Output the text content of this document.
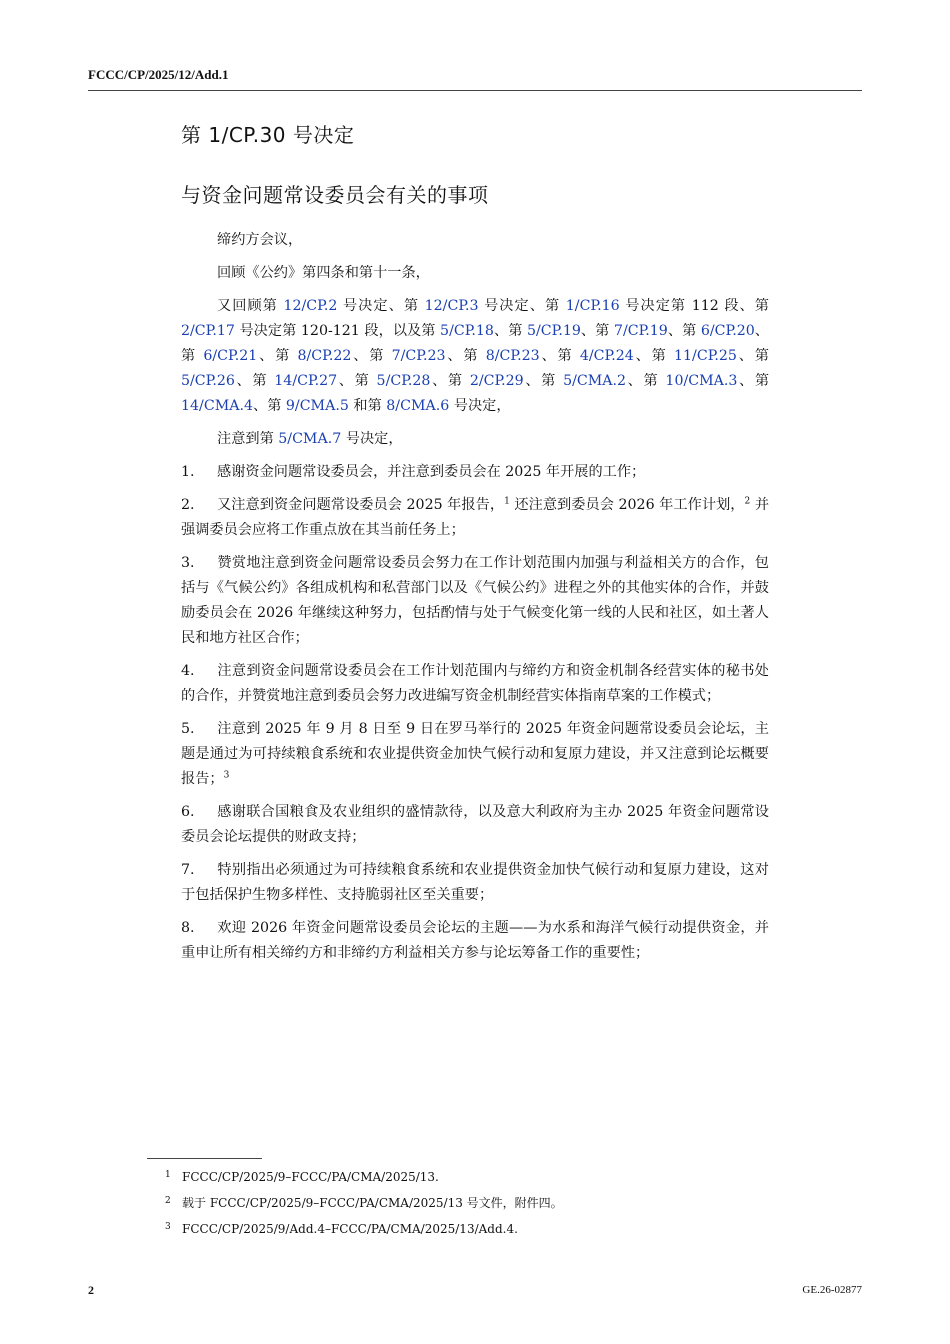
FCCC/CP/2025/12/Add.1
第 1/CP.30 号决定
与资金问题常设委员会有关的事项

缔约方会议，

回顾《公约》第四条和第十一条，

又回顾第 12/CP.2 号决定、第 12/CP.3 号决定、第 1/CP.16 号决定第 112 段、第 2/CP.17 号决定第 120-121 段，以及第 5/CP.18、第 5/CP.19、第 7/CP.19、第 6/CP.20、第 6/CP.21、第 8/CP.22、第 7/CP.23、第 8/CP.23、第 4/CP.24、第 11/CP.25、第 5/CP.26、第 14/CP.27、第 5/CP.28、第 2/CP.29、第 5/CMA.2、第 10/CMA.3、第 14/CMA.4、第 9/CMA.5 和第 8/CMA.6 号决定，

注意到第 5/CMA.7 号决定，

1. 感谢资金问题常设委员会，并注意到委员会在 2025 年开展的工作；

2. 又注意到资金问题常设委员会 2025 年报告，$^1$ 还注意到委员会 2026 年工作计划，$^2$ 并强调委员会应将工作重点放在其当前任务上；

3. 赞赏地注意到资金问题常设委员会努力在工作计划范围内加强与利益相关方的合作，包括与《气候公约》各组成机构和私营部门以及《气候公约》进程之外的其他实体的合作，并鼓励委员会在 2026 年继续这种努力，包括酌情与处于气候变化第一线的人民和社区，如土著人民和地方社区合作；

4. 注意到资金问题常设委员会在工作计划范围内与缔约方和资金机制各经营实体的秘书处的合作，并赞赏地注意到委员会努力改进编写资金机制经营实体指南草案的工作模式；

5. 注意到 2025 年 9 月 8 日至 9 日在罗马举行的 2025 年资金问题常设委员会论坛，主题是通过为可持续粮食系统和农业提供资金加快气候行动和复原力建设，并又注意到论坛概要报告；$^3$

6. 感谢联合国粮食及农业组织的盛情款待，以及意大利政府为主办 2025 年资金问题常设委员会论坛提供的财政支持；

7. 特别指出必须通过为可持续粮食系统和农业提供资金加快气候行动和复原力建设，这对于包括保护生物多样性、支持脆弱社区至关重要；

8. 欢迎 2026 年资金问题常设委员会论坛的主题——为水系和海洋气候行动提供资金，并重申让所有相关缔约方和非缔约方利益相关方参与论坛筹备工作的重要性；

1 FCCC/CP/2025/9–FCCC/PA/CMA/2025/13.
2 载于 FCCC/CP/2025/9–FCCC/PA/CMA/2025/13 号文件，附件四。
3 FCCC/CP/2025/9/Add.4–FCCC/PA/CMA/2025/13/Add.4.
2	GE.26-02877
